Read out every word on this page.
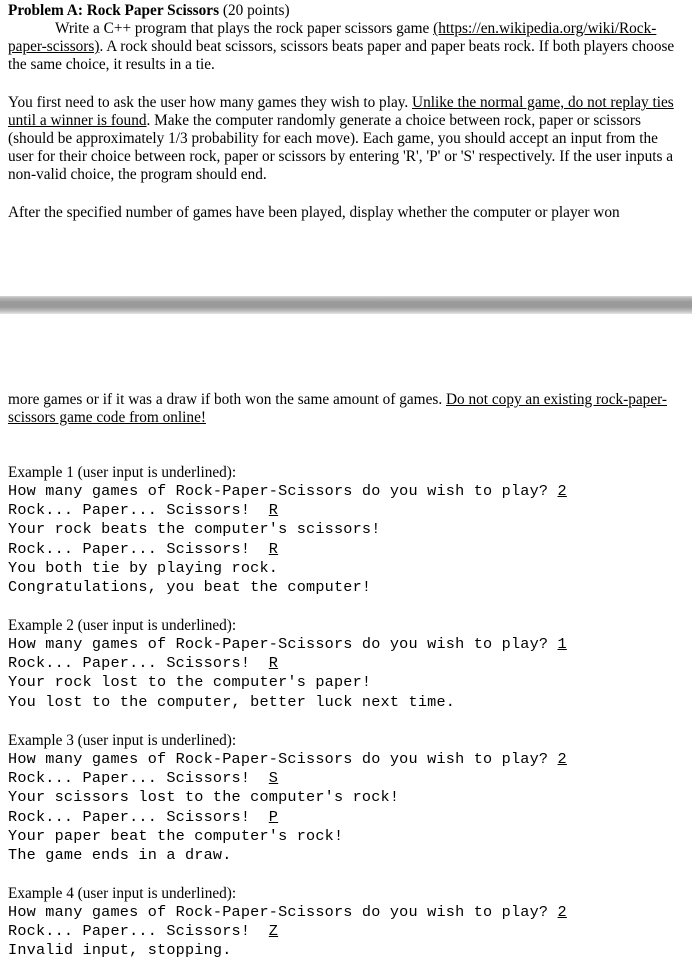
Problem A: Rock Paper Scissors (20 points)

Write a C++ program that plays the rock paper scissors game (https://en.wikipedia.org/wiki/Rock-paper-scissors). A rock should beat scissors, scissors beats paper and paper beats rock. If both players choose the same choice, it results in a tie.

You first need to ask the user how many games they wish to play. Unlike the normal game, do not replay ties until a winner is found. Make the computer randomly generate a choice between rock, paper or scissors (should be approximately 1/3 probability for each move). Each game, you should accept an input from the user for their choice between rock, paper or scissors by entering 'R', 'P' or 'S' respectively. If the user inputs a non-valid choice, the program should end.

After the specified number of games have been played, display whether the computer or player won

more games or if it was a draw if both won the same amount of games. Do not copy an existing rock-paper-scissors game code from online!

Example 1 (user input is underlined):

How many games of Rock-Paper-Scissors do you wish to play? 2
Rock... Paper... Scissors!  R
Your rock beats the computer's scissors!
Rock... Paper... Scissors!  R
You both tie by playing rock.
Congratulations, you beat the computer!

Example 2 (user input is underlined):

How many games of Rock-Paper-Scissors do you wish to play? 1
Rock... Paper... Scissors!  R
Your rock lost to the computer's paper!
You lost to the computer, better luck next time.

Example 3 (user input is underlined):

How many games of Rock-Paper-Scissors do you wish to play? 2
Rock... Paper... Scissors!  S
Your scissors lost to the computer's rock!
Rock... Paper... Scissors!  P
Your paper beat the computer's rock!
The game ends in a draw.

Example 4 (user input is underlined):

How many games of Rock-Paper-Scissors do you wish to play? 2
Rock... Paper... Scissors!  Z
Invalid input, stopping.
